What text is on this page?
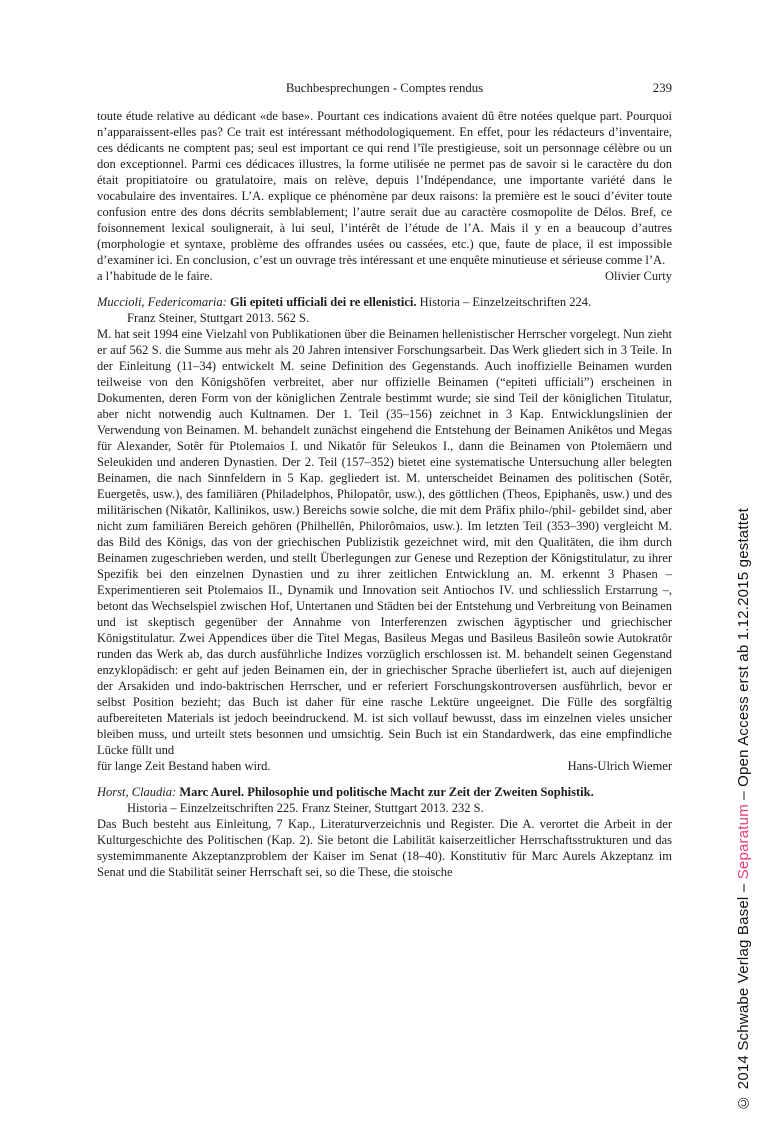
Buchbesprechungen - Comptes rendus	239

toute étude relative au dédicant «de base». Pourtant ces indications avaient dû être notées quelque part. Pourquoi n’apparaissent-elles pas? Ce trait est intéressant méthodologiquement. En effet, pour les rédacteurs d’inventaire, ces dédicants ne comptent pas; seul est important ce qui rend l’île prestigieuse, soit un personnage célèbre ou un don exceptionnel. Parmi ces dédicaces illustres, la forme utilisée ne permet pas de savoir si le caractère du don était propitiatoire ou gratulatoire, mais on relève, depuis l’Indépendance, une importante variété dans le vocabulaire des inventaires. L’A. explique ce phénomène par deux raisons: la première est le souci d’éviter toute confusion entre des dons décrits semblablement; l’autre serait due au caractère cosmopolite de Délos. Bref, ce foisonnement lexical soulignerait, à lui seul, l’intérêt de l’étude de l’A. Mais il y en a beaucoup d’autres (morphologie et syntaxe, problème des offrandes usées ou cassées, etc.) que, faute de place, il est impossible d’examiner ici. En conclusion, c’est un ouvrage très intéressant et une enquête minutieuse et sérieuse comme l’A.

a l’habitude de le faire.	Olivier Curty
Muccioli, Federicomaria: Gli epiteti ufficiali dei re ellenistici. Historia – Einzelzeitschriften 224.
Franz Steiner, Stuttgart 2013. 562 S.

M. hat seit 1994 eine Vielzahl von Publikationen über die Beinamen hellenistischer Herrscher vorgelegt. Nun zieht er auf 562 S. die Summe aus mehr als 20 Jahren intensiver Forschungsarbeit. Das Werk gliedert sich in 3 Teile. In der Einleitung (11–34) entwickelt M. seine Definition des Gegenstands. Auch inoffizielle Beinamen wurden teilweise von den Königshöfen verbreitet, aber nur offizielle Beinamen (“epiteti ufficiali”) erscheinen in Dokumenten, deren Form von der königlichen Zentrale bestimmt wurde; sie sind Teil der königlichen Titulatur, aber nicht notwendig auch Kultnamen. Der 1. Teil (35–156) zeichnet in 3 Kap. Entwicklungslinien der Verwendung von Beinamen. M. behandelt zunächst eingehend die Entstehung der Beinamen Anikêtos und Megas für Alexander, Sotêr für Ptolemaios I. und Nikatôr für Seleukos I., dann die Beinamen von Ptolemäern und Seleukiden und anderen Dynastien. Der 2. Teil (157–352) bietet eine systematische Untersuchung aller belegten Beinamen, die nach Sinnfeldern in 5 Kap. gegliedert ist. M. unterscheidet Beinamen des politischen (Sotêr, Euergetês, usw.), des familiären (Philadelphos, Philopatôr, usw.), des göttlichen (Theos, Epiphanês, usw.) und des militärischen (Nikatôr, Kallinikos, usw.) Bereichs sowie solche, die mit dem Präfix philo-/phil- gebildet sind, aber nicht zum familiären Bereich gehören (Philhellên, Philorômaios, usw.). Im letzten Teil (353–390) vergleicht M. das Bild des Königs, das von der griechischen Publizistik gezeichnet wird, mit den Qualitäten, die ihm durch Beinamen zugeschrieben werden, und stellt Überlegungen zur Genese und Rezeption der Königstitulatur, zu ihrer Spezifik bei den einzelnen Dynastien und zu ihrer zeitlichen Entwicklung an. M. erkennt 3 Phasen – Experimentieren seit Ptolemaios II., Dynamik und Innovation seit Antiochos IV. und schliesslich Erstarrung –, betont das Wechselspiel zwischen Hof, Untertanen und Städten bei der Entstehung und Verbreitung von Beinamen und ist skeptisch gegenüber der Annahme von Interferenzen zwischen ägyptischer und griechischer Königstitulatur. Zwei Appendices über die Titel Megas, Basileus Megas und Basileus Basileôn sowie Autokratôr runden das Werk ab, das durch ausführliche Indizes vorzüglich erschlossen ist. M. behandelt seinen Gegenstand enzyklopädisch: er geht auf jeden Beinamen ein, der in griechischer Sprache überliefert ist, auch auf diejenigen der Arsakiden und indo-baktrischen Herrscher, und er referiert Forschungskontroversen ausführlich, bevor er selbst Position bezieht; das Buch ist daher für eine rasche Lektüre ungeeignet. Die Fülle des sorgfältig aufbereiteten Materials ist jedoch beeindruckend. M. ist sich vollauf bewusst, dass im einzelnen vieles unsicher bleiben muss, und urteilt stets besonnen und umsichtig. Sein Buch ist ein Standardwerk, das eine empfindliche Lücke füllt und

für lange Zeit Bestand haben wird.	Hans-Ulrich Wiemer
Horst, Claudia: Marc Aurel. Philosophie und politische Macht zur Zeit der Zweiten Sophistik.
Historia – Einzelzeitschriften 225. Franz Steiner, Stuttgart 2013. 232 S.

Das Buch besteht aus Einleitung, 7 Kap., Literaturverzeichnis und Register. Die A. verortet die Arbeit in der Kulturgeschichte des Politischen (Kap. 2). Sie betont die Labilität kaiserzeitlicher Herrschaftsstrukturen und das systemimmanente Akzeptanzproblem der Kaiser im Senat (18–40). Konstitutiv für Marc Aurels Akzeptanz im Senat und die Stabilität seiner Herrschaft sei, so die These, die stoische

© 2014 Schwabe Verlag Basel – Separatum – Open Access erst ab 1.12.2015 gestattet
